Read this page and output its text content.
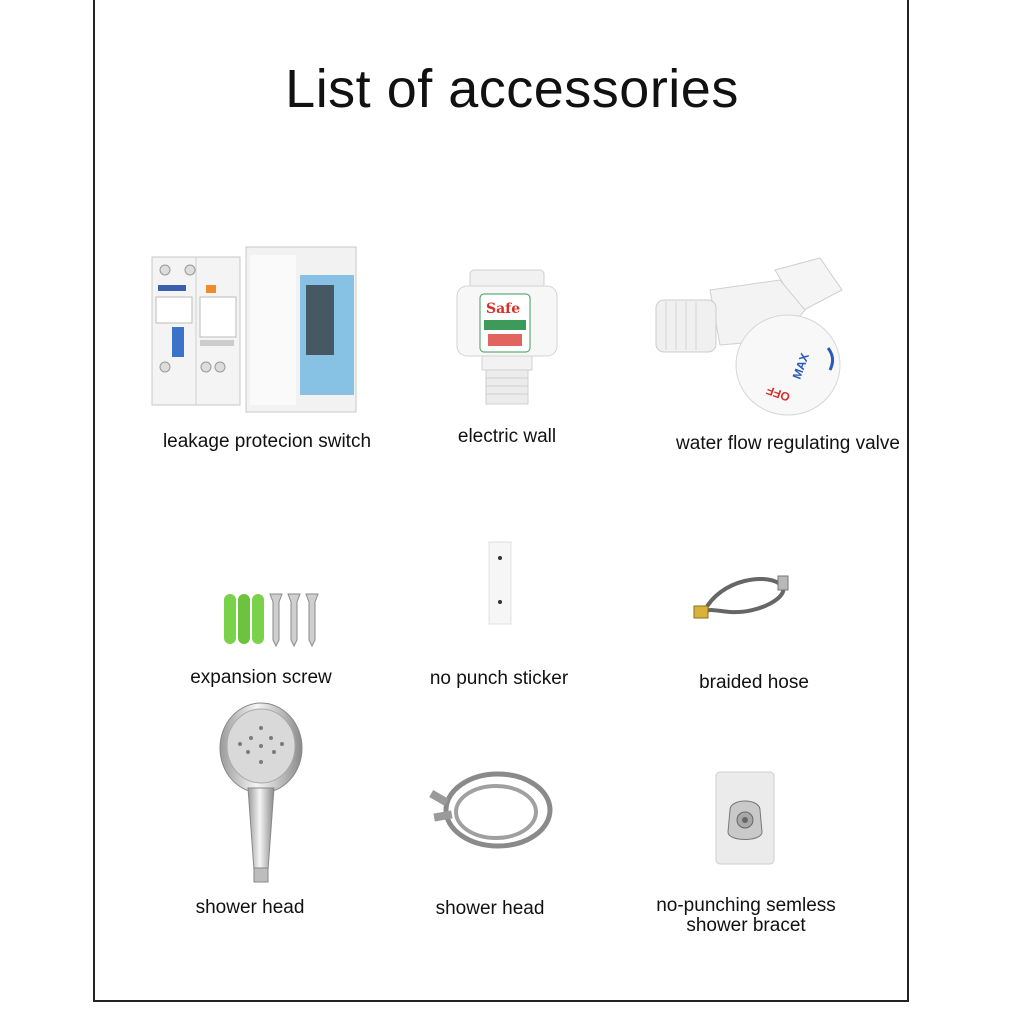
List of accessories
leakage protecion switch
Safe
electric wall
MAX
OFF
water flow regulating valve
expansion screw	no punch sticker	braided hose
shower head	shower head	no-punching semless
shower bracet
